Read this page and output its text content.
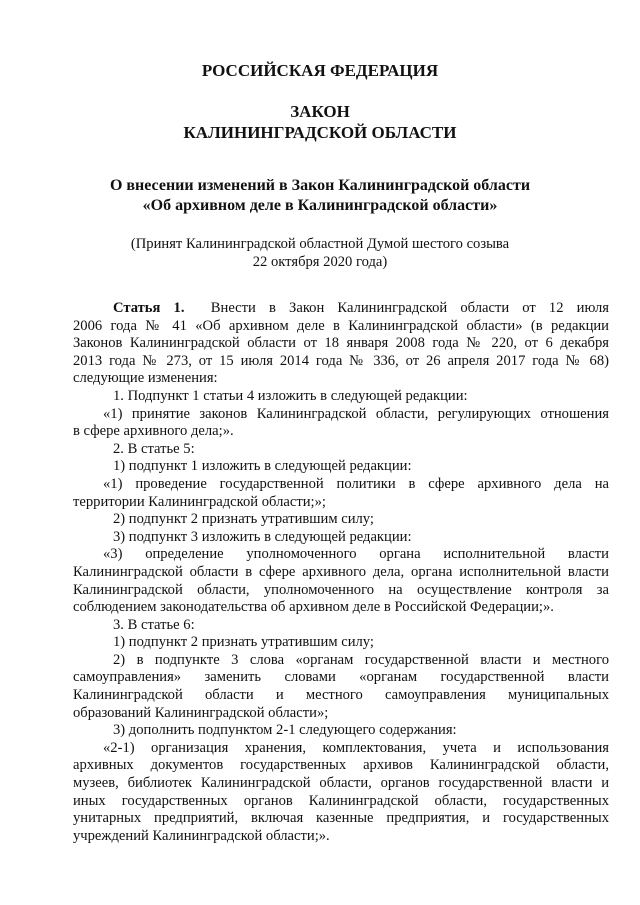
РОССИЙСКАЯ ФЕДЕРАЦИЯ
ЗАКОН
КАЛИНИНГРАДСКОЙ ОБЛАСТИ
О внесении изменений в Закон Калининградской области
«Об архивном деле в Калининградской области»
(Принят Калининградской областной Думой шестого созыва
22 октября 2020 года)
Статья 1. Внести в Закон Калининградской области от 12 июля
2006 года № 41 «Об архивном деле в Калининградской области» (в редакции
Законов Калининградской области от 18 января 2008 года № 220, от 6 декабря
2013 года № 273, от 15 июля 2014 года № 336, от 26 апреля 2017 года № 68)
следующие изменения:
1. Подпункт 1 статьи 4 изложить в следующей редакции:
«1) принятие законов Калининградской области, регулирующих отношения
в сфере архивного дела;».
2. В статье 5:
1) подпункт 1 изложить в следующей редакции:
«1) проведение государственной политики в сфере архивного дела на
территории Калининградской области;»;
2) подпункт 2 признать утратившим силу;
3) подпункт 3 изложить в следующей редакции:
«3) определение уполномоченного органа исполнительной власти
Калининградской области в сфере архивного дела, органа исполнительной власти
Калининградской области, уполномоченного на осуществление контроля за
соблюдением законодательства об архивном деле в Российской Федерации;».
3. В статье 6:
1) подпункт 2 признать утратившим силу;
2) в подпункте 3 слова «органам государственной власти и местного
самоуправления» заменить словами «органам государственной власти
Калининградской области и местного самоуправления муниципальных
образований Калининградской области»;
3) дополнить подпунктом 2-1 следующего содержания:
«2-1) организация хранения, комплектования, учета и использования
архивных документов государственных архивов Калининградской области,
музеев, библиотек Калининградской области, органов государственной власти и
иных государственных органов Калининградской области, государственных
унитарных предприятий, включая казенные предприятия, и государственных
учреждений Калининградской области;».
